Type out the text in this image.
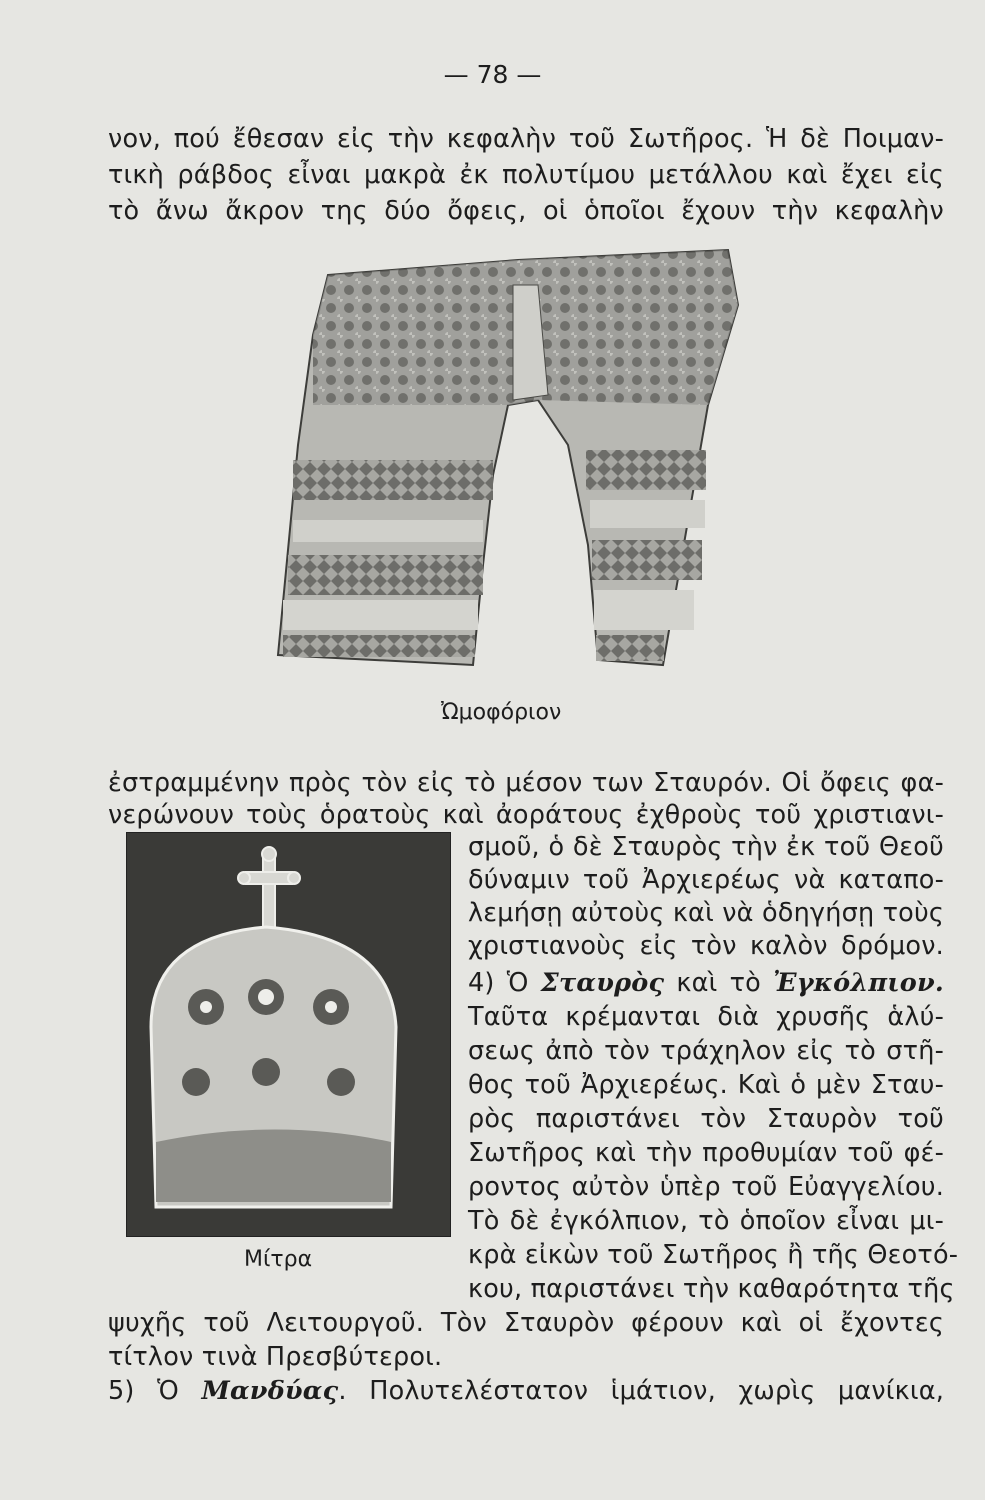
— 78 —
νον, πού ἔθεσαν εἰς τὴν κεφαλὴν τοῦ Σωτῆρος. Ἡ δὲ Ποιμαν-
τικὴ ράβδος εἶναι μακρὰ ἐκ πολυτίμου μετάλλου καὶ ἔχει εἰς
τὸ ἄνω ἄκρον της δύο ὄφεις, οἱ ὁποῖοι ἔχουν τὴν κεφαλὴν
Ὠμοφόριον
ἐστραμμένην πρὸς τὸν εἰς τὸ μέσον των Σταυρόν. Οἱ ὄφεις φα-
νερώνουν τοὺς ὁρατοὺς καὶ ἀοράτους ἐχθροὺς τοῦ χριστιανι-
σμοῦ, ὁ δὲ Σταυρὸς τὴν ἐκ τοῦ Θεοῦ
δύναμιν τοῦ Ἀρχιερέως νὰ καταπο-
λεμήσῃ αὐτοὺς καὶ νὰ ὁδηγήσῃ τοὺς
χριστιανοὺς εἰς τὸν καλὸν δρόμον.
4) Ὁ Σταυρὸς καὶ τὸ Ἐγκόλπιον.
Ταῦτα κρέμανται διὰ χρυσῆς ἁλύ-
σεως ἀπὸ τὸν τράχηλον εἰς τὸ στῆ-
θος τοῦ Ἀρχιερέως. Καὶ ὁ μὲν Σταυ-
ρὸς παριστάνει τὸν Σταυρὸν τοῦ
Σωτῆρος καὶ τὴν προθυμίαν τοῦ φέ-
ροντος αὐτὸν ὑπὲρ τοῦ Εὐαγγελίου.
Τὸ δὲ ἐγκόλπιον, τὸ ὁποῖον εἶναι μι-
κρὰ εἰκὼν τοῦ Σωτῆρος ἢ τῆς Θεοτό-
κου, παριστάνει τὴν καθαρότητα τῆς
Μίτρα
ψυχῆς τοῦ Λειτουργοῦ. Τὸν Σταυρὸν φέρουν καὶ οἱ ἔχοντες
τίτλον τινὰ Πρεσβύτεροι.
5) Ὁ Μανδύας. Πολυτελέστατον ἱμάτιον, χωρὶς μανίκια,
